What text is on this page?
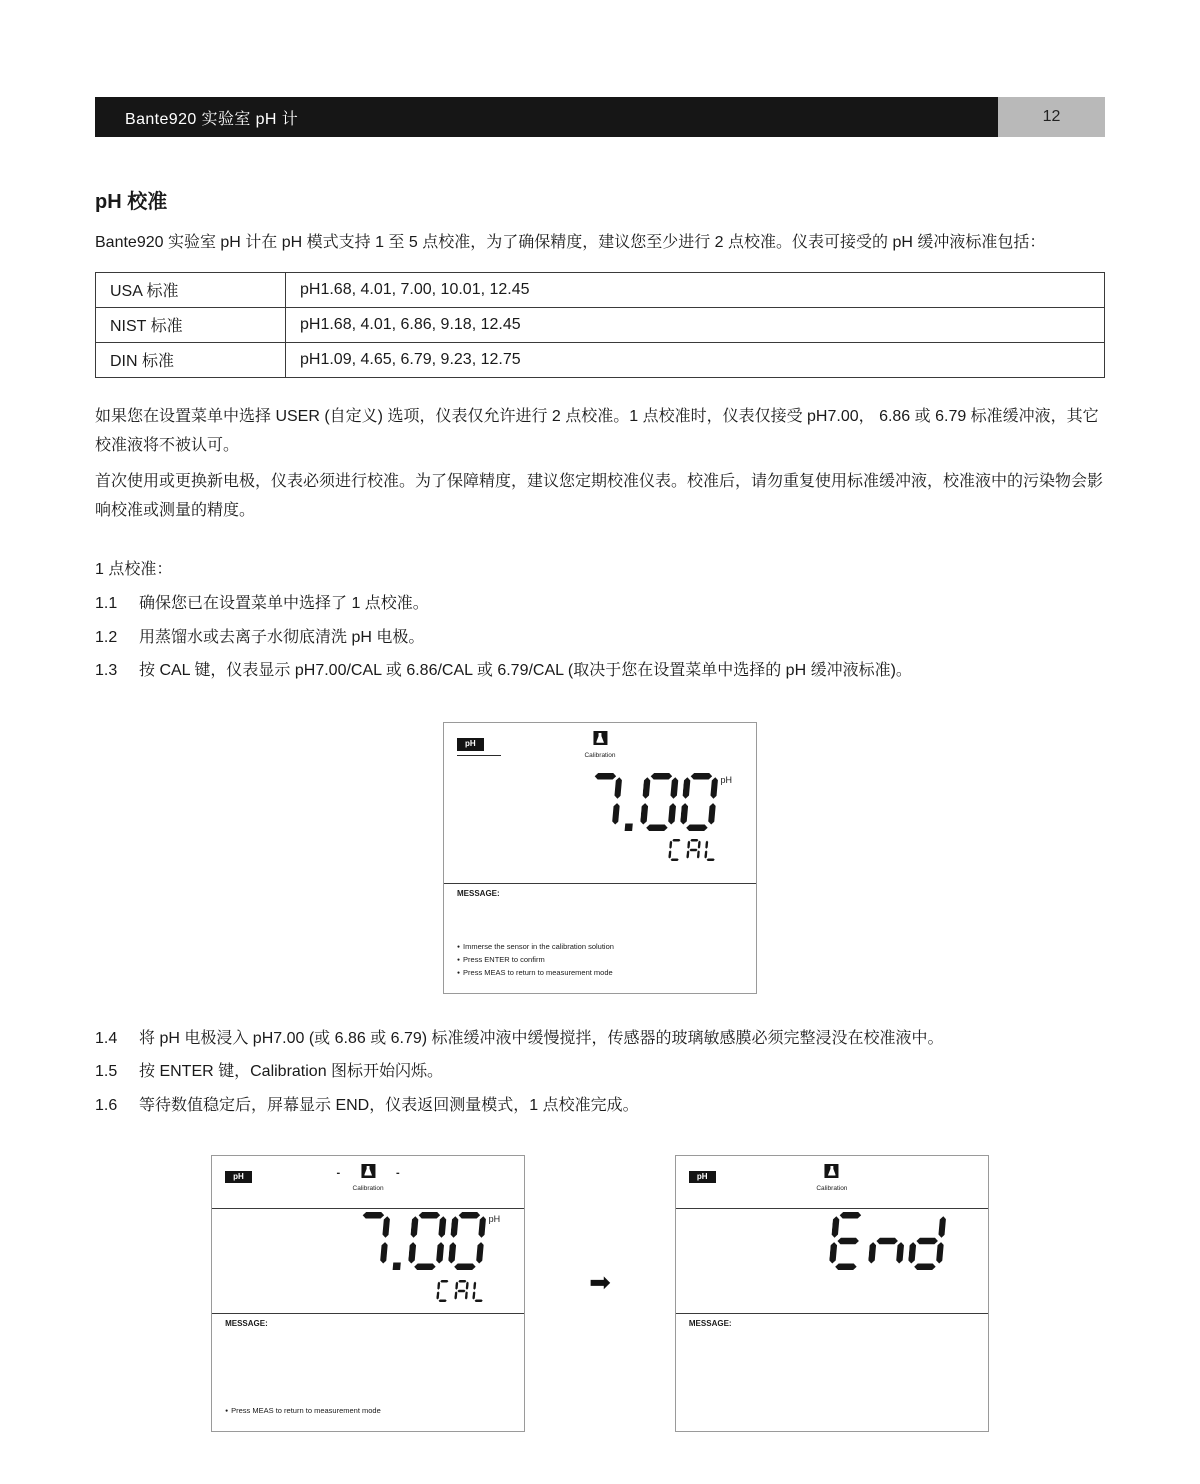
Bante920 实验室 pH 计	12
pH 校准

Bante920 实验室 pH 计在 pH 模式支持 1 至 5 点校准，为了确保精度，建议您至少进行 2 点校准。仪表可接受的 pH 缓冲液标准包括：

USA 标准	pH1.68, 4.01, 7.00, 10.01, 12.45
NIST 标准	pH1.68, 4.01, 6.86, 9.18, 12.45
DIN 标准	pH1.09, 4.65, 6.79, 9.23, 12.75

如果您在设置菜单中选择 USER (自定义) 选项，仪表仅允许进行 2 点校准。1 点校准时，仪表仅接受 pH7.00， 6.86 或 6.79 标准缓冲液，其它校准液将不被认可。

首次使用或更换新电极，仪表必须进行校准。为了保障精度，建议您定期校准仪表。校准后，请勿重复使用标准缓冲液，校准液中的污染物会影响校准或测量的精度。

1 点校准：

1.1	确保您已在设置菜单中选择了 1 点校准。
1.2	用蒸馏水或去离子水彻底清洗 pH 电极。
1.3	按 CAL 键，仪表显示 pH7.00/CAL 或 6.86/CAL 或 6.79/CAL (取决于您在设置菜单中选择的 pH 缓冲液标准)。
pH
Calibration
pH
MESSAGE:
● Immerse the sensor in the calibration solution
● Press ENTER to confirm
● Press MEAS to return to measurement mode
1.4	将 pH 电极浸入 pH7.00 (或 6.86 或 6.79) 标准缓冲液中缓慢搅拌，传感器的玻璃敏感膜必须完整浸没在校准液中。
1.5	按 ENTER 键，Calibration 图标开始闪烁。
1.6	等待数值稳定后，屏幕显示 END，仪表返回测量模式，1 点校准完成。
pH	-	-
Calibration
pH
MESSAGE:
● Press MEAS to return to measurement mode
➡
pH
Calibration
MESSAGE:
